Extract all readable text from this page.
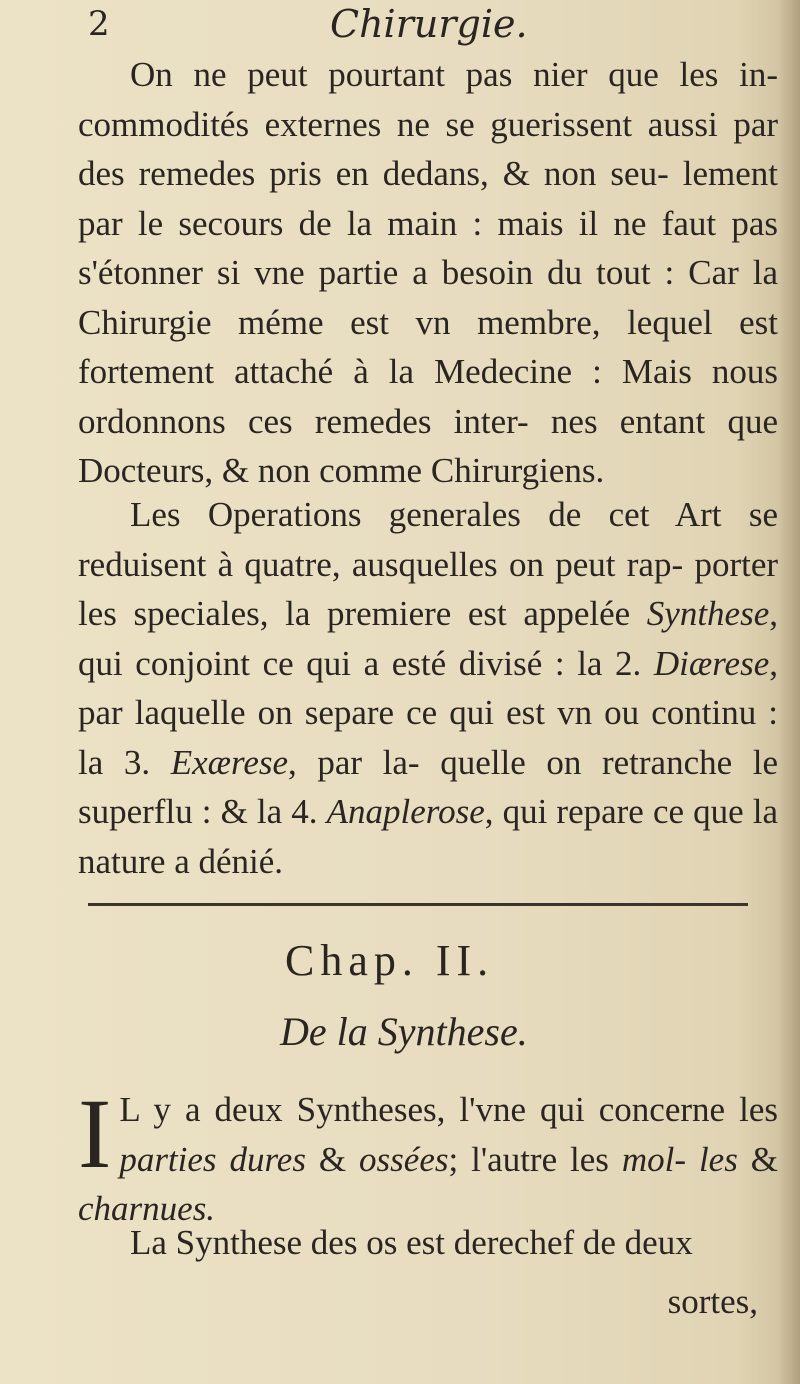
2	Chirurgie.

On ne peut pourtant pas nier que les in- commodités externes ne se guerissent aussi par des remedes pris en dedans, & non seu- lement par le secours de la main : mais il ne faut pas s'étonner si vne partie a besoin du tout : Car la Chirurgie méme est vn membre, lequel est fortement attaché à la Medecine : Mais nous ordonnons ces remedes inter- nes entant que Docteurs, & non comme Chirurgiens.

Les Operations generales de cet Art se reduisent à quatre, ausquelles on peut rap- porter les speciales, la premiere est appelée Synthese, qui conjoint ce qui a esté divisé : la 2. Diærese, par laquelle on separe ce qui est vn ou continu : la 3. Exærese, par la- quelle on retranche le superflu : & la 4. Anaplerose, qui repare ce que la nature a dénié.

Chap. II.
De la Synthese.
I L y a deux Syntheses, l'vne qui concerne les parties dures & ossées; l'autre les mol- les & charnues.

La Synthese des os est derechef de deux

sortes,
